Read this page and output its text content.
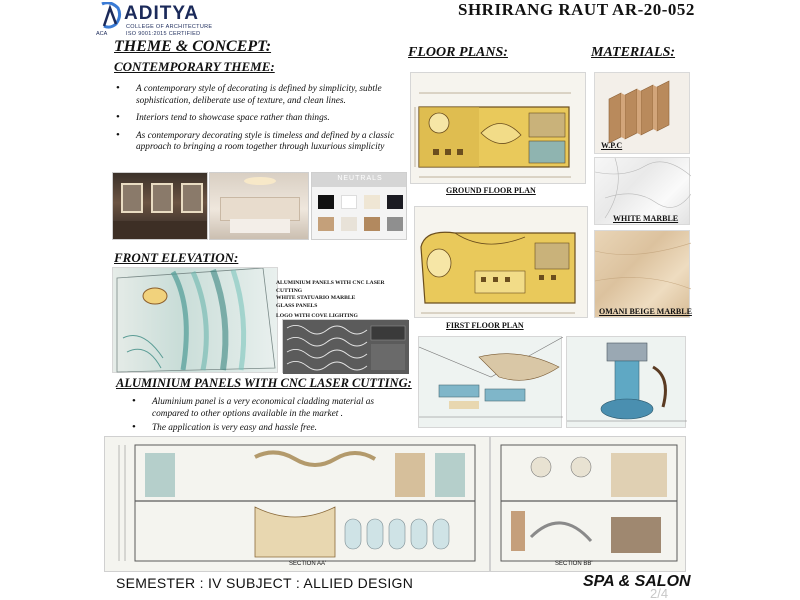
ADITYA
COLLEGE OF ARCHITECTURE
ACA	ISO 9001:2015 CERTIFIED
SHRIRANG RAUT AR-20-052
THEME & CONCEPT:
CONTEMPORARY THEME:
• A contemporary style of decorating is defined by simplicity, subtle sophistication, deliberate use of texture, and clean lines.
• Interiors tend to showcase space rather than things.
• As contemporary decorating style is timeless and defined by a classic approach to bringing a room together through luxurious simplicity
NEUTRALS
FRONT ELEVATION:
ALUMINIUM PANELS WITH CNC LASER CUTTING
WHITE STATUARIO MARBLE
GLASS PANELS
LOGO WITH COVE LIGHTING
ALUMINIUM PANELS WITH CNC LASER CUTTING:
• Aluminium panel is a very economical cladding material as compared to other options available in the market .
• The application is very easy and hassle free.
FLOOR PLANS:
GROUND FLOOR PLAN
FIRST FLOOR PLAN
MATERIALS:
W.P.C
WHITE MARBLE
OMANI BEIGE MARBLE
SECTION AA'	SECTION BB'
SEMESTER : IV SUBJECT : ALLIED DESIGN	SPA & SALON
2/4
